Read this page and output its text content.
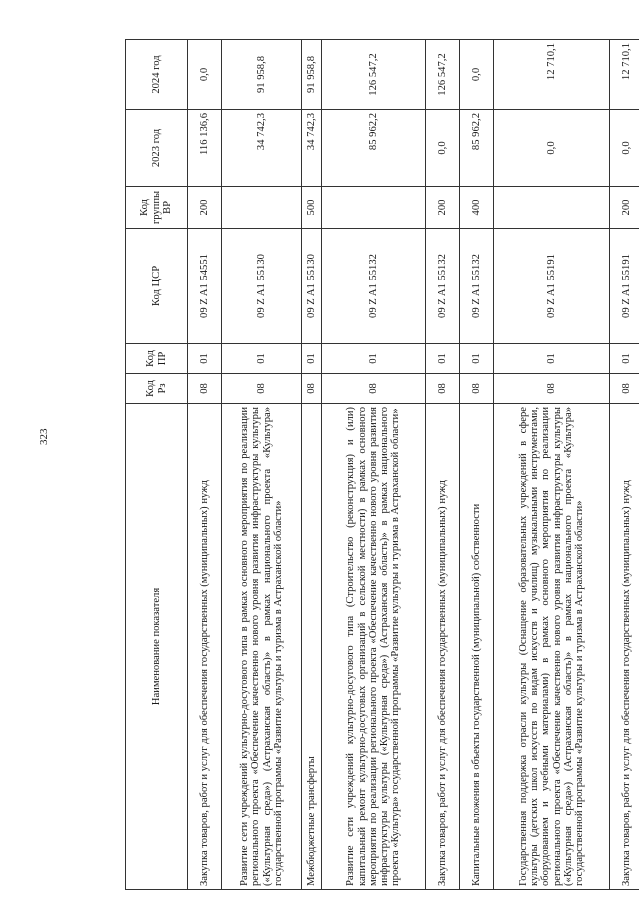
323
Наименование показателя	Код Рз	Код ПР	Код ЦСР	Код группы ВР	2023 год	2024 год
Закупка товаров, работ и услуг для обеспечения государственных (муниципальных) нужд	08	01	09 Z A1 54551	200	116 136,6	0,0
Развитие сети учреждений культурно-досугового типа в рамках основного мероприятия по реализации регионального проекта «Обеспечение качественно нового уровня развития инфраструктуры культуры («Культурная среда») (Астраханская область)» в рамках национального проекта «Культура» государственной программы «Развитие культуры и туризма в Астраханской области»	08	01	09 Z A1 55130		34 742,3	91 958,8
Межбюджетные трансферты	08	01	09 Z A1 55130	500	34 742,3	91 958,8
Развитие сети учреждений культурно-досугового типа (Строительство (реконструкция) и (или) капитальный ремонт культурно-досуговых организаций в сельской местности) в рамках основного мероприятия по реализации регионального проекта «Обеспечение качественно нового уровня развития инфраструктуры культуры («Культурная среда») (Астраханская область)» в рамках национального проекта «Культура» государственной программы «Развитие культуры и туризма в Астраханской области»	08	01	09 Z A1 55132		85 962,2	126 547,2
Закупка товаров, работ и услуг для обеспечения государственных (муниципальных) нужд	08	01	09 Z A1 55132	200	0,0	126 547,2
Капитальные вложения в объекты государственной (муниципальной) собственности	08	01	09 Z A1 55132	400	85 962,2	0,0
Государственная поддержка отрасли культуры (Оснащение образовательных учреждений в сфере культуры (детских школ искусств по видам искусств и училищ) музыкальными инструментами, оборудованием и учебными материалами) в рамках основного мероприятия по реализации регионального проекта «Обеспечение качественно нового уровня развития инфраструктуры культуры («Культурная среда») (Астраханская область)» в рамках национального проекта «Культура» государственной программы «Развитие культуры и туризма в Астраханской области»	08	01	09 Z A1 55191		0,0	12 710,1
Закупка товаров, работ и услуг для обеспечения государственных (муниципальных) нужд	08	01	09 Z A1 55191	200	0,0	12 710,1
